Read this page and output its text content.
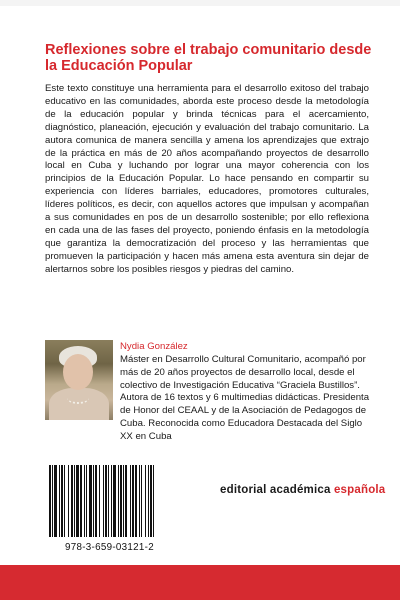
Reflexiones sobre el trabajo comunitario desde la Educación Popular

Este texto constituye una herramienta para el desarrollo exitoso del trabajo educativo en las comunidades, aborda este proceso desde la metodología de la educación popular y brinda técnicas para el acercamiento, diagnóstico, planeación, ejecución y evaluación del trabajo comunitario. La autora comunica de manera sencilla y amena los aprendizajes que extrajo de la práctica en más de 20 años acompañando proyectos de desarrollo local en Cuba y luchando por lograr una mayor coherencia con los principios de la Educación Popular. Lo hace pensando en compartir su experiencia con líderes barriales, educadores, promotores culturales, líderes políticos, es decir, con aquellos actores que impulsan y acompañan a sus comunidades en pos de un desarrollo sostenible; por ello reflexiona en cada una de las fases del proyecto, poniendo énfasis en la metodología que garantiza la democratización del proceso y las herramientas que promueven la participación y hacen más amena esta aventura sin dejar de alertarnos sobre los posibles riesgos y piedras del camino.

Nydia González

Máster en Desarrollo Cultural Comunitario, acompañó por más de 20 años proyectos de desarrollo local, desde el colectivo de Investigación Educativa “Graciela Bustillos”. Autora de 16 textos y 6 multimedias didácticas. Presidenta de Honor del CEAAL y de la Asociación de Pedagogos de Cuba. Reconocida como Educadora Destacada del Siglo XX en Cuba

978-3-659-03121-2

editorial académica española
